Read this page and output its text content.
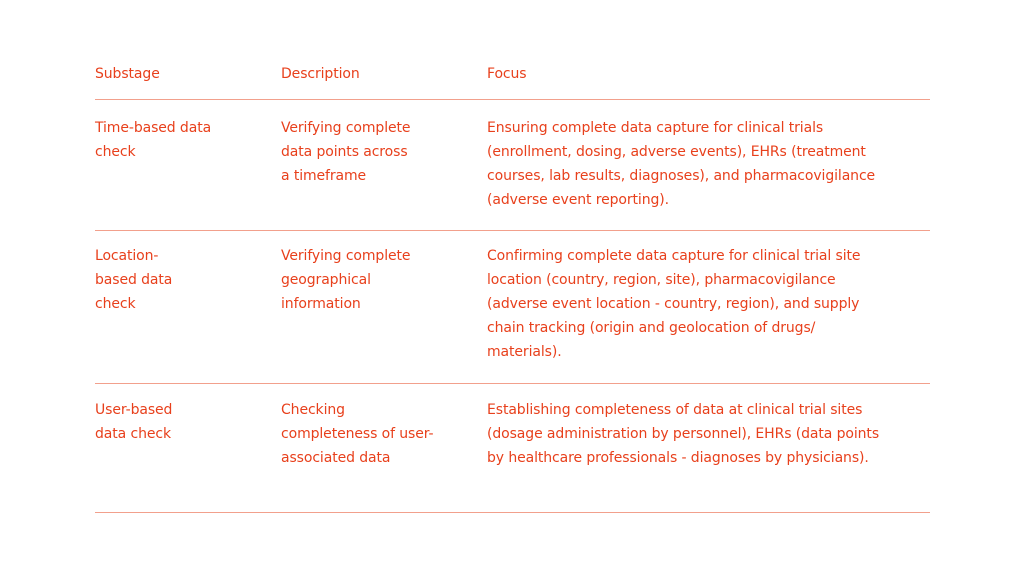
Substage	Description	Focus
Time-based data
check
Verifying complete
data points across
a timeframe
Ensuring complete data capture for clinical trials
(enrollment, dosing, adverse events), EHRs (treatment
courses, lab results, diagnoses), and pharmacovigilance
(adverse event reporting).
Location-
based data
check
Verifying complete
geographical
information
Confirming complete data capture for clinical trial site
location (country, region, site), pharmacovigilance
(adverse event location - country, region), and supply
chain tracking (origin and geolocation of drugs/
materials).
User-based
data check
Checking
completeness of user-
associated data
Establishing completeness of data at clinical trial sites
(dosage administration by personnel), EHRs (data points
by healthcare professionals - diagnoses by physicians).
